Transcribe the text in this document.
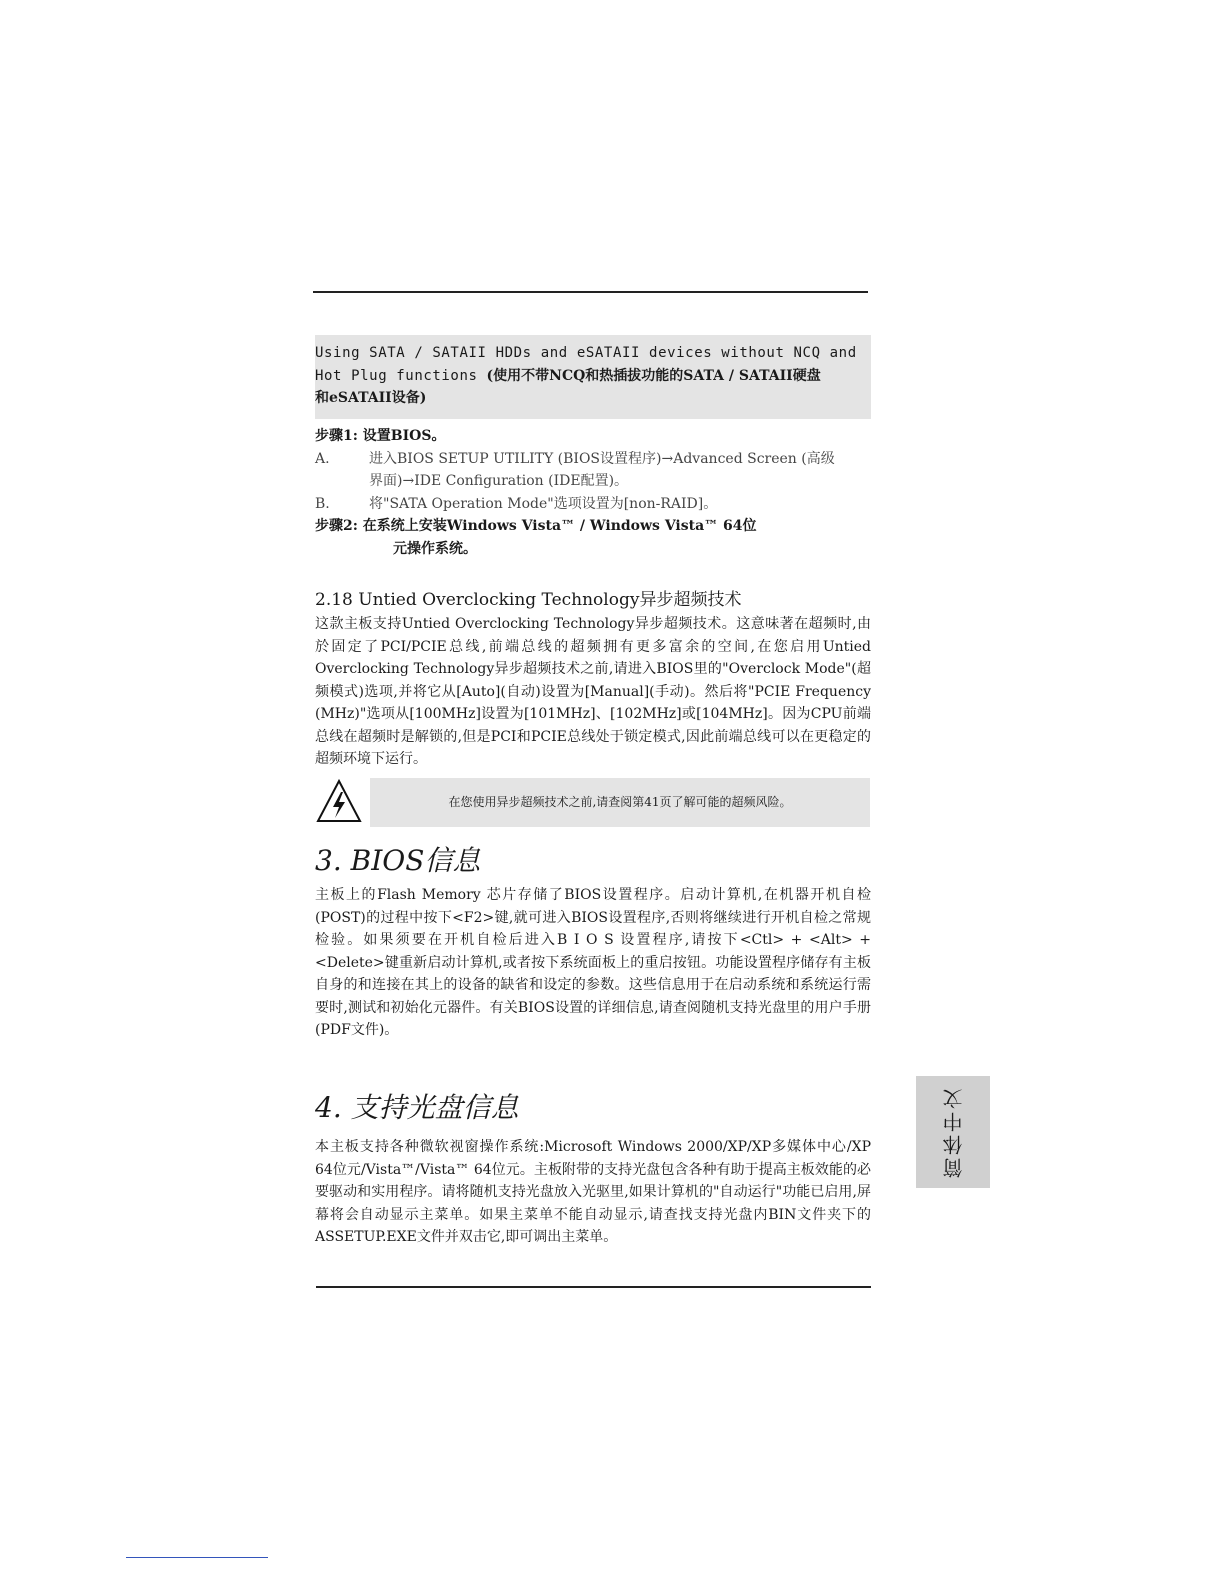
Using SATA / SATAII HDDs and eSATAII devices without NCQ and
Hot Plug functions (使用不带NCQ和热插拔功能的SATA / SATAII硬盘
和eSATAII设备)
步骤1: 设置BIOS。
A.	进入BIOS SETUP UTILITY (BIOS设置程序)→Advanced Screen (高级
界面)→IDE Configuration (IDE配置)。
B.	将"SATA Operation Mode"选项设置为[non-RAID]。
步骤2: 在系统上安装Windows Vista™ / Windows Vista™ 64位
元操作系统。
2.18 Untied Overclocking Technology异步超频技术
这款主板支持Untied Overclocking Technology异步超频技术。这意味著在超频时,由於固定了PCI/PCIE总线,前端总线的超频拥有更多富余的空间,在您启用Untied Overclocking Technology异步超频技术之前,请进入BIOS里的"Overclock Mode"(超频模式)选项,并将它从[Auto](自动)设置为[Manual](手动)。然后将"PCIE Frequency (MHz)"选项从[100MHz]设置为[101MHz]、[102MHz]或[104MHz]。因为CPU前端总线在超频时是解锁的,但是PCI和PCIE总线处于锁定模式,因此前端总线可以在更稳定的超频环境下运行。
在您使用异步超频技术之前,请查阅第41页了解可能的超频风险。
3. BIOS信息
主板上的Flash Memory 芯片存储了BIOS设置程序。启动计算机,在机器开机自检(POST)的过程中按下<F2>键,就可进入BIOS设置程序,否则将继续进行开机自检之常规检验。如果须要在开机自检后进入B I O S 设置程序,请按下<Ctl> + <Alt> + <Delete>键重新启动计算机,或者按下系统面板上的重启按钮。功能设置程序储存有主板自身的和连接在其上的设备的缺省和设定的参数。这些信息用于在启动系统和系统运行需要时,测试和初始化元器件。有关BIOS设置的详细信息,请查阅随机支持光盘里的用户手册(PDF文件)。
4. 支持光盘信息
本主板支持各种微软视窗操作系统:Microsoft Windows 2000/XP/XP多媒体中心/XP 64位元/Vista™/Vista™ 64位元。主板附带的支持光盘包含各种有助于提高主板效能的必要驱动和实用程序。请将随机支持光盘放入光驱里,如果计算机的"自动运行"功能已启用,屏幕将会自动显示主菜单。如果主菜单不能自动显示,请查找支持光盘内BIN文件夹下的ASSETUP.EXE文件并双击它,即可调出主菜单。
简体中文
